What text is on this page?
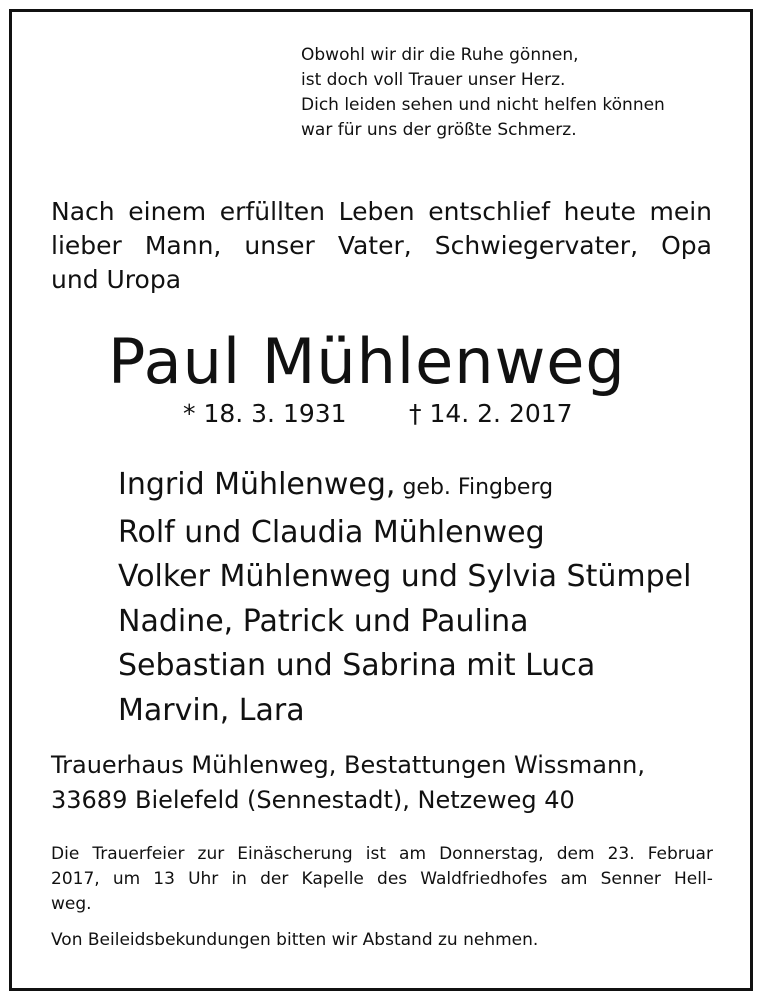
Obwohl wir dir die Ruhe gönnen,
ist doch voll Trauer unser Herz.
Dich leiden sehen und nicht helfen können
war für uns der größte Schmerz.
Nach einem erfüllten Leben entschlief heute mein
lieber Mann, unser Vater, Schwiegervater, Opa
und Uropa
Paul Mühlenweg
* 18. 3. 1931 † 14. 2. 2017
Ingrid Mühlenweg, geb. Fingberg
Rolf und Claudia Mühlenweg
Volker Mühlenweg und Sylvia Stümpel
Nadine, Patrick und Paulina
Sebastian und Sabrina mit Luca
Marvin, Lara
Trauerhaus Mühlenweg, Bestattungen Wissmann,
33689 Bielefeld (Sennestadt), Netzeweg 40
Die Trauerfeier zur Einäscherung ist am Donnerstag, dem 23. Februar
2017, um 13 Uhr in der Kapelle des Waldfriedhofes am Senner Hell-
weg.
Von Beileidsbekundungen bitten wir Abstand zu nehmen.
